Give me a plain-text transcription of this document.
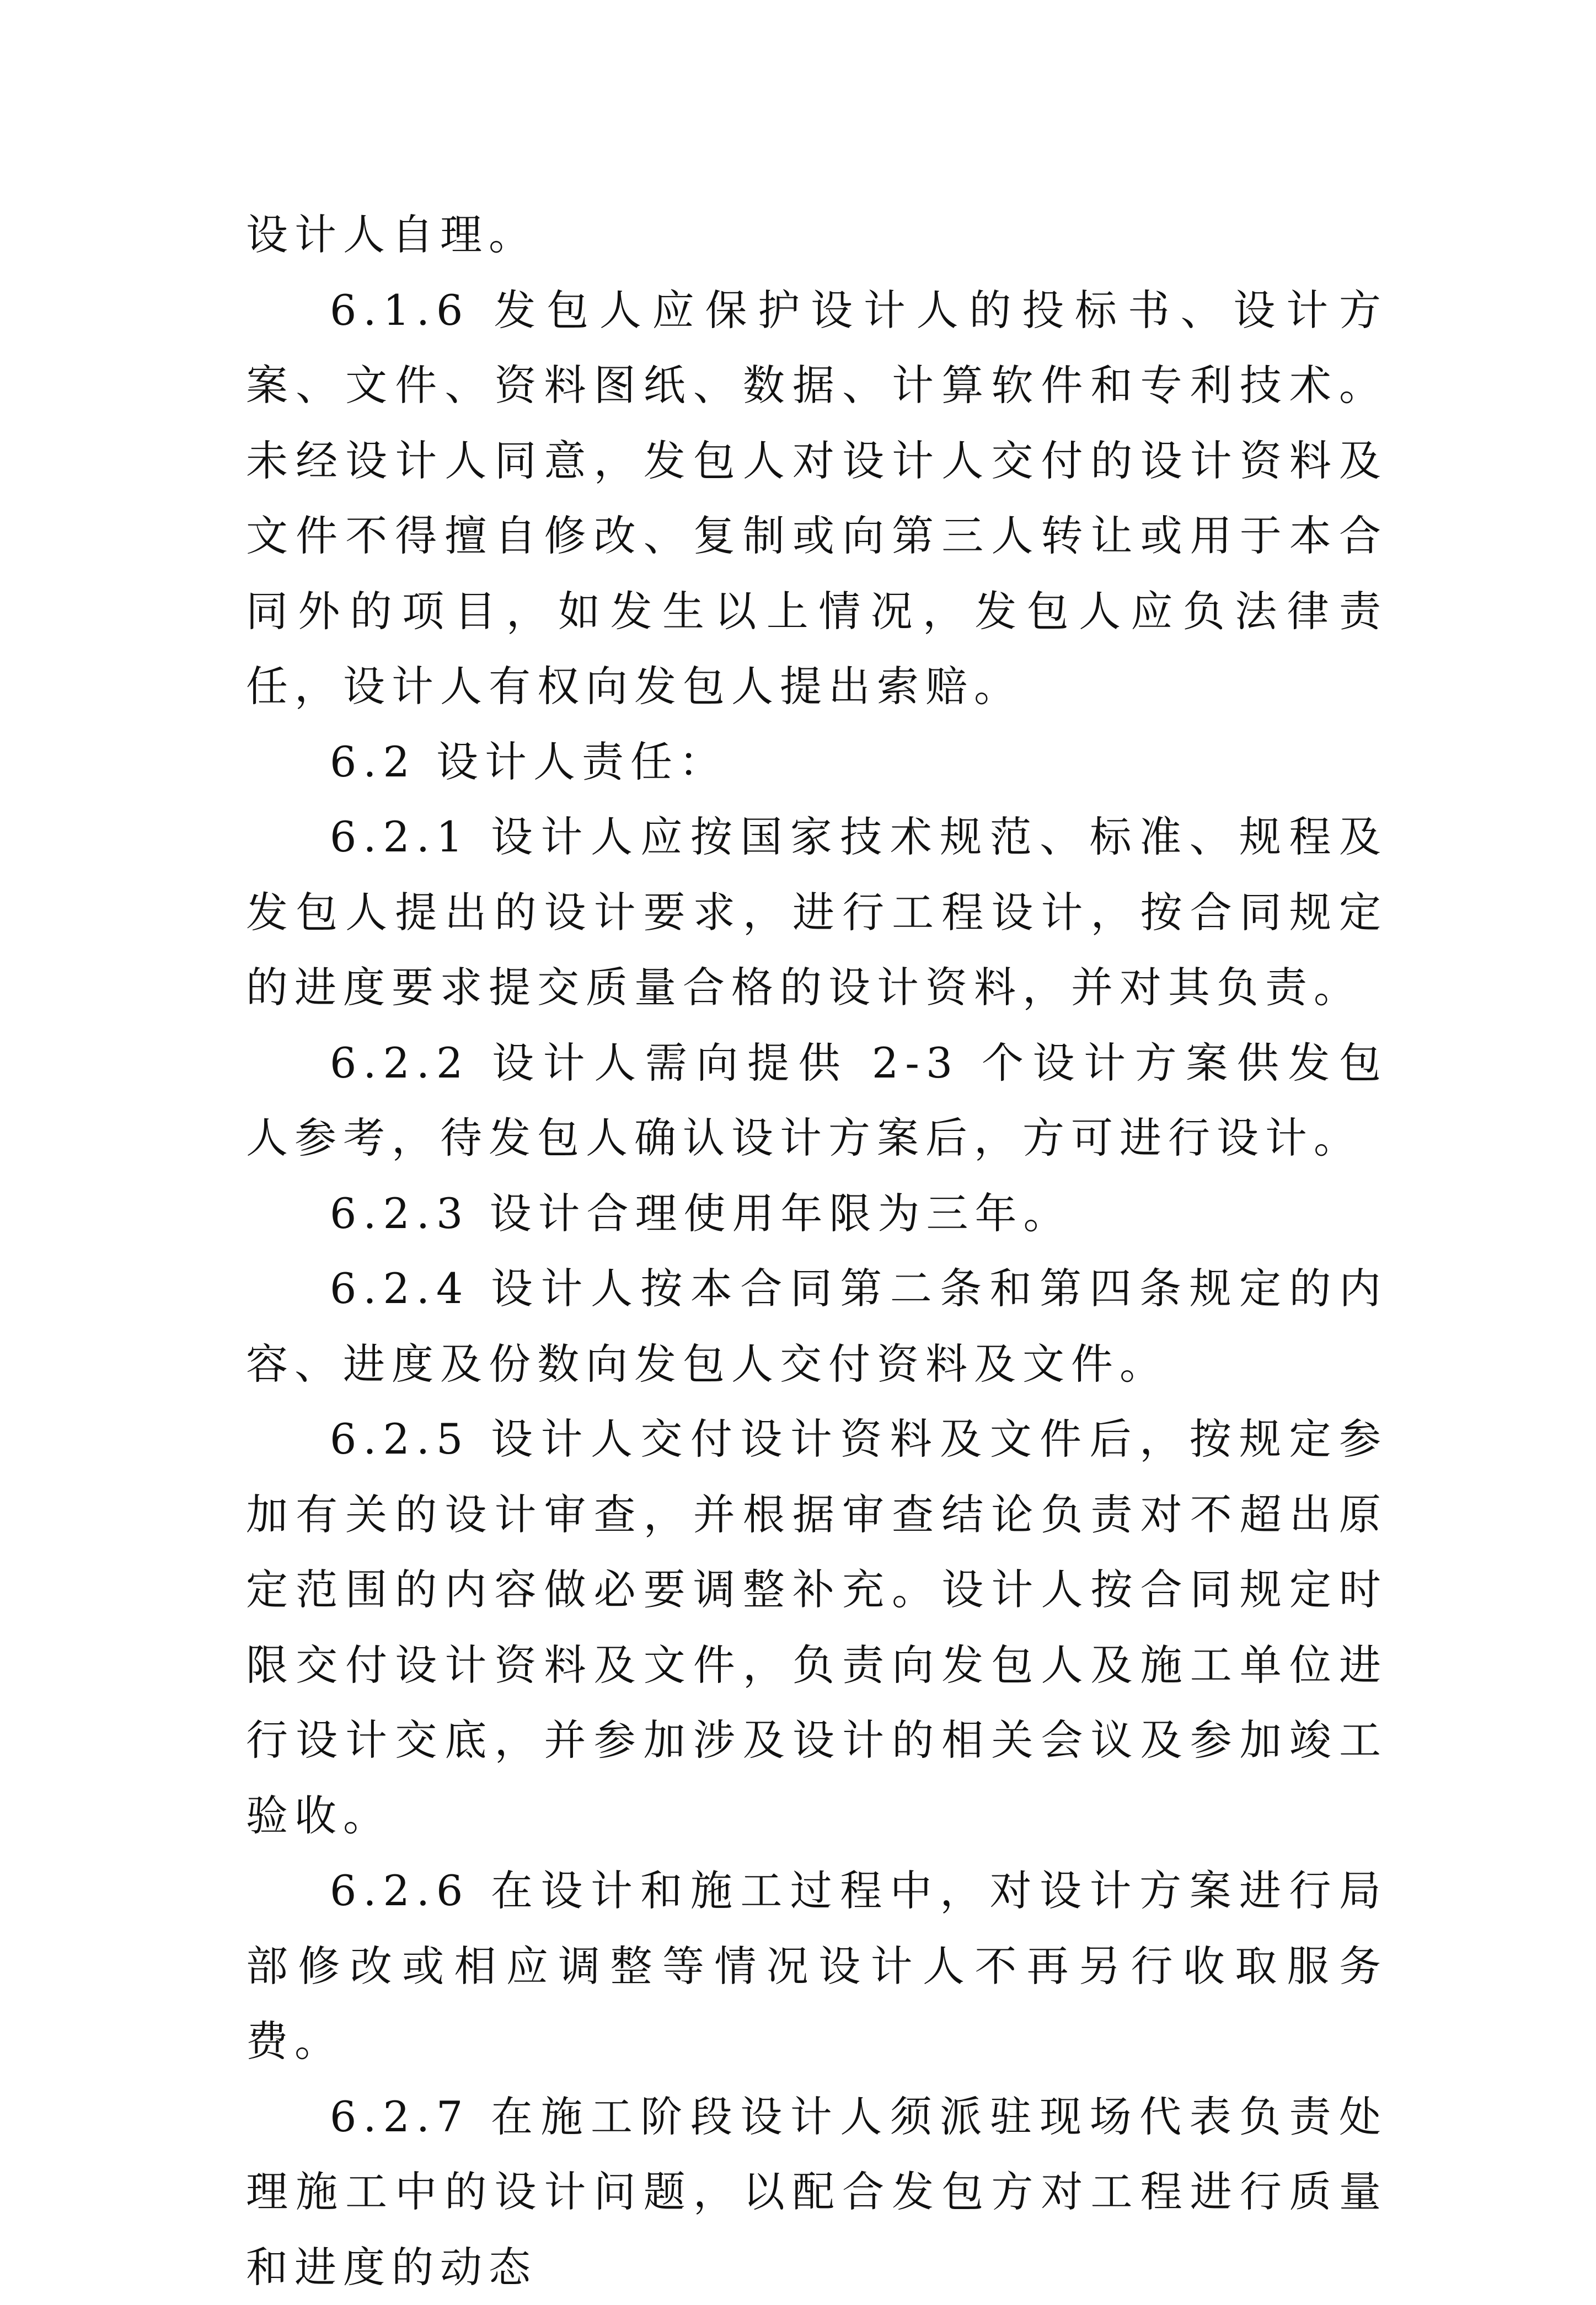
设计人自理。

6.1.6 发包人应保护设计人的投标书、设计方案、文件、资料图纸、数据、计算软件和专利技术。未经设计人同意，发包人对设计人交付的设计资料及文件不得擅自修改、复制或向第三人转让或用于本合同外的项目，如发生以上情况，发包人应负法律责任，设计人有权向发包人提出索赔。

6.2 设计人责任：

6.2.1 设计人应按国家技术规范、标准、规程及发包人提出的设计要求，进行工程设计，按合同规定的进度要求提交质量合格的设计资料，并对其负责。

6.2.2 设计人需向提供 2-3 个设计方案供发包人参考，待发包人确认设计方案后，方可进行设计。

6.2.3 设计合理使用年限为三年。

6.2.4 设计人按本合同第二条和第四条规定的内容、进度及份数向发包人交付资料及文件。

6.2.5 设计人交付设计资料及文件后，按规定参加有关的设计审查，并根据审查结论负责对不超出原定范围的内容做必要调整补充。设计人按合同规定时限交付设计资料及文件，负责向发包人及施工单位进行设计交底，并参加涉及设计的相关会议及参加竣工验收。

6.2.6 在设计和施工过程中，对设计方案进行局部修改或相应调整等情况设计人不再另行收取服务费。

6.2.7 在施工阶段设计人须派驻现场代表负责处理施工中的设计问题，以配合发包方对工程进行质量和进度的动态
